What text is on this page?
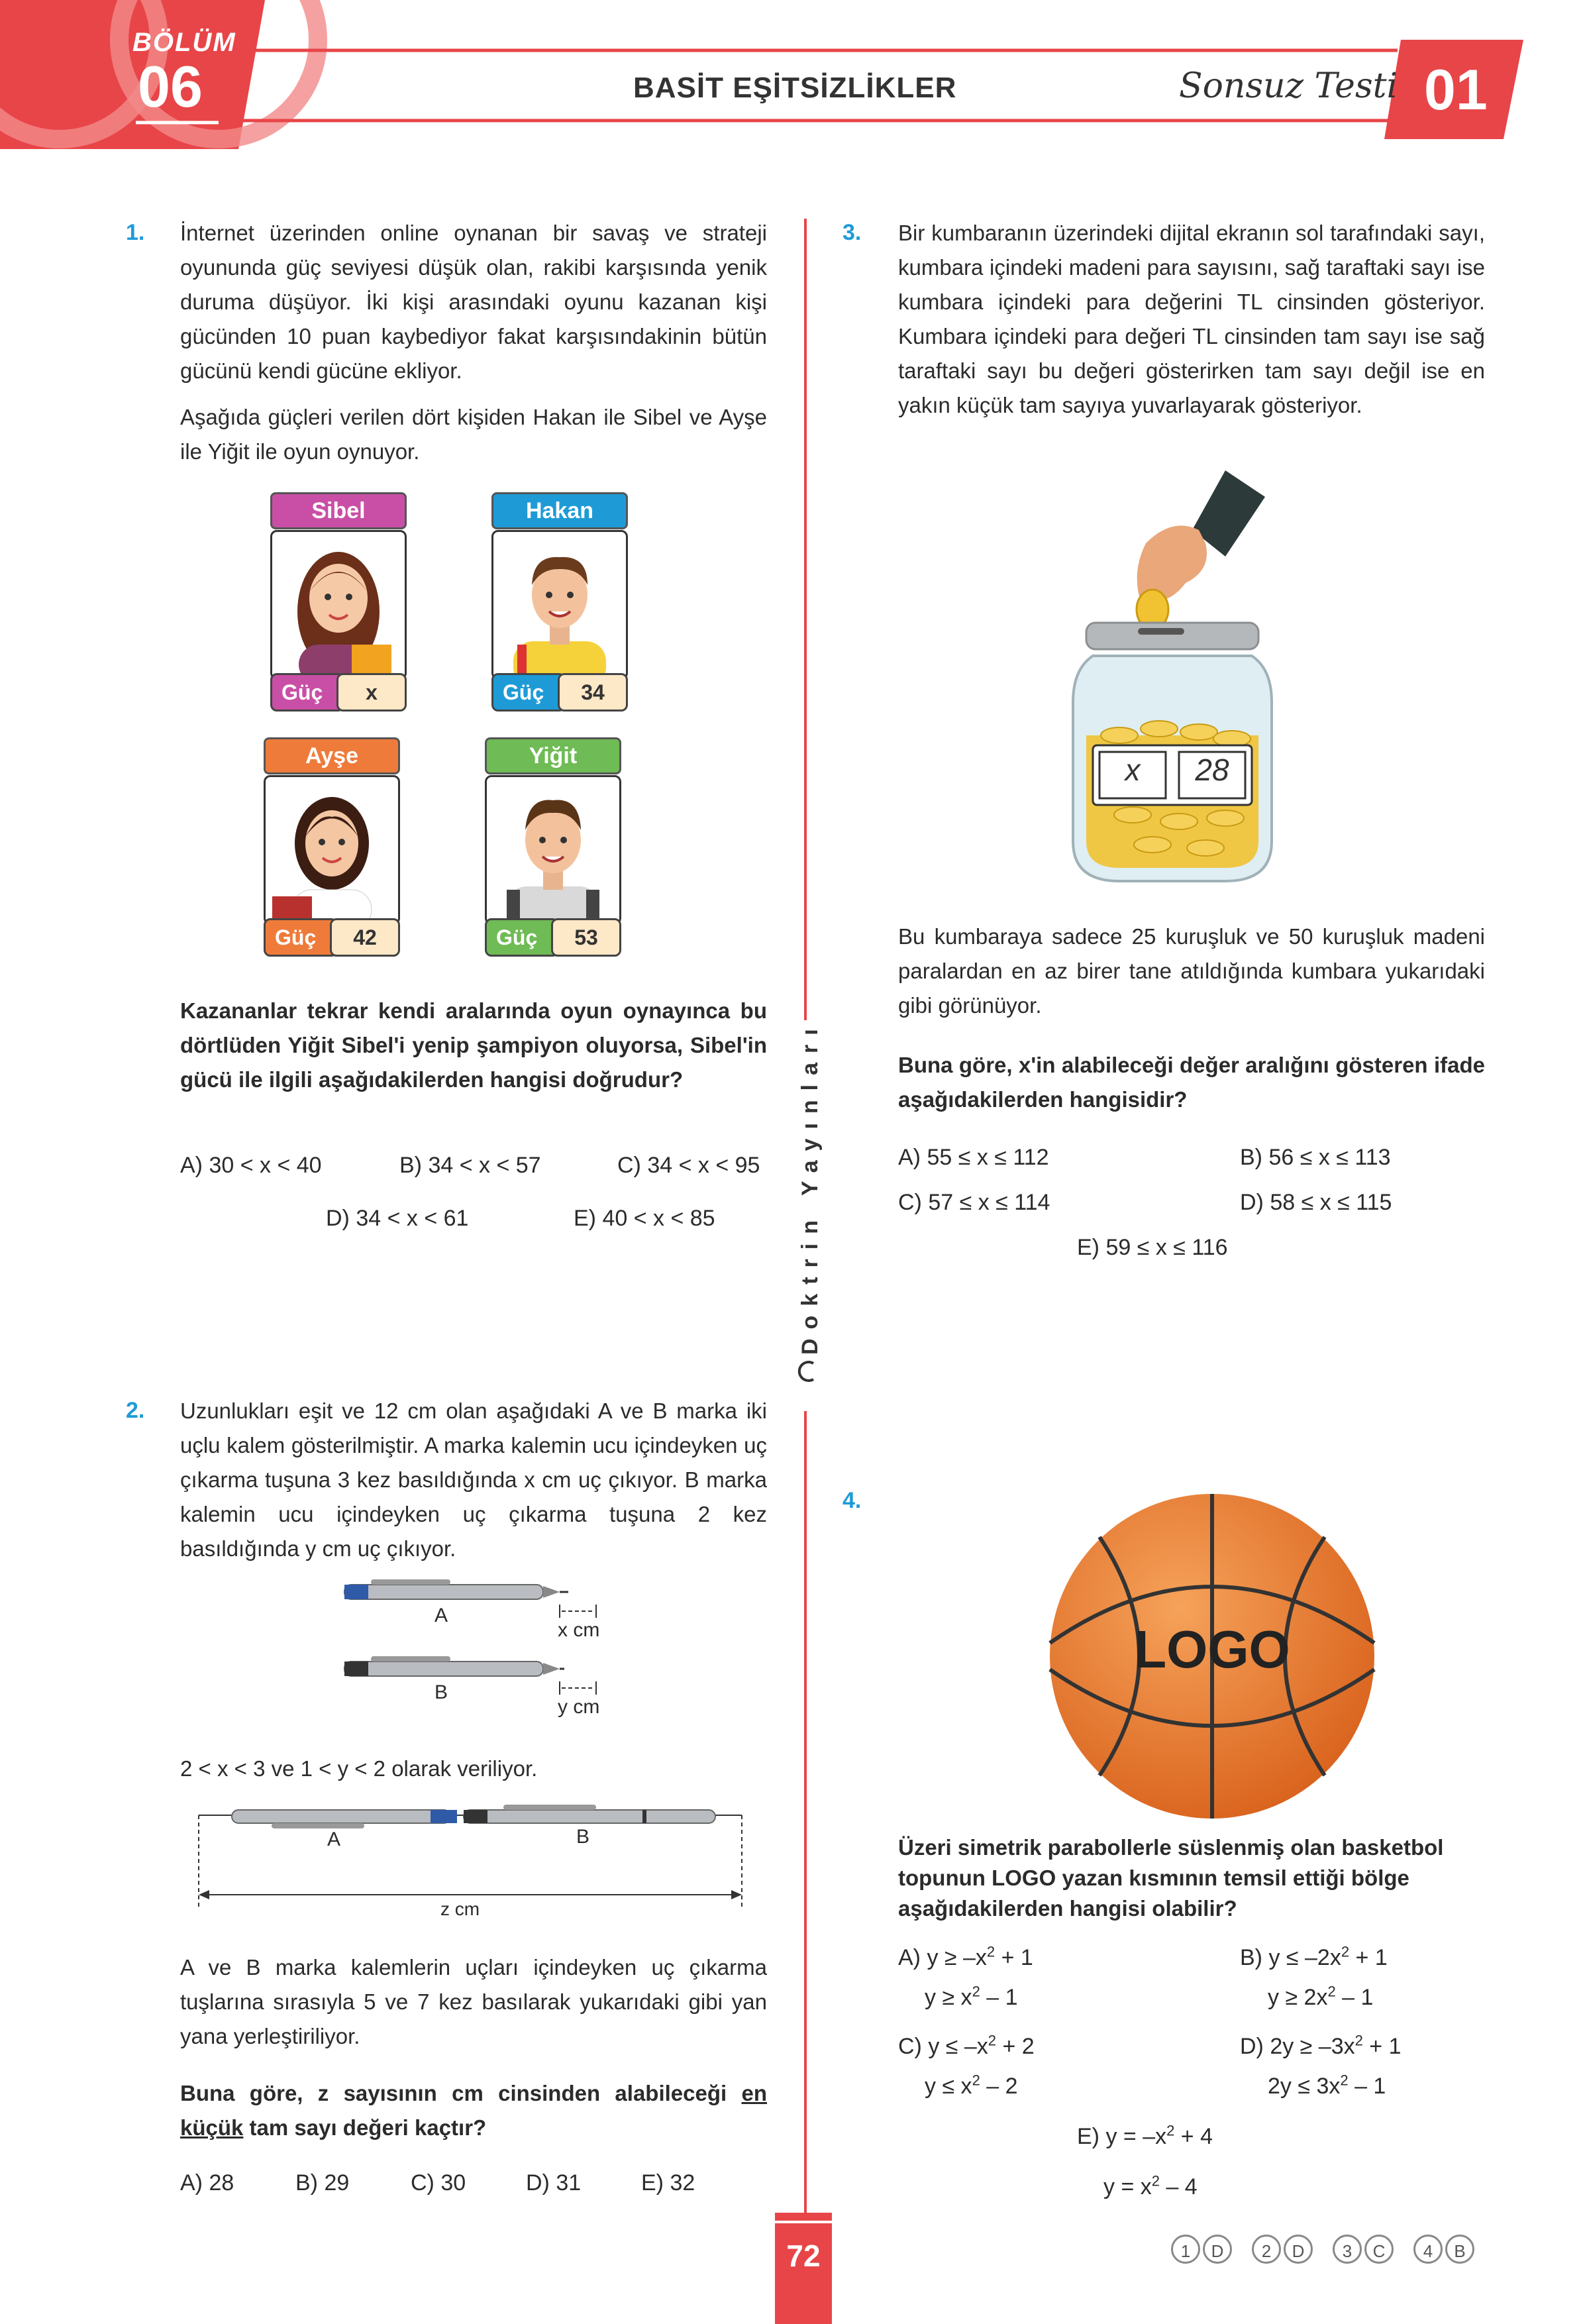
BÖLÜM
06	BASİT EŞİTSİZLİKLER	Sonsuz Testi 01
Doktrin Yayınları
1. İnternet üzerinden online oynanan bir savaş ve strateji oyununda güç seviyesi düşük olan, rakibi karşısında yenik duruma düşüyor. İki kişi arasındaki oyunu kazanan kişi gücünden 10 puan kaybediyor fakat karşısındakinin bütün gücünü kendi gücüne ekliyor.
Aşağıda güçleri verilen dört kişiden Hakan ile Sibel ve Ayşe ile Yiğit ile oyun oynuyor.
Sibel
Güç	x
Hakan
Güç	34
Ayşe
Güç	42
Yiğit
Güç	53
Kazananlar tekrar kendi aralarında oyun oynayınca bu dörtlüden Yiğit Sibel'i yenip şampiyon oluyorsa, Sibel'in gücü ile ilgili aşağıdakilerden hangisi doğrudur?
A) 30 < x < 40	B) 34 < x < 57	C) 34 < x < 95
D) 34 < x < 61	E) 40 < x < 85
2. Uzunlukları eşit ve 12 cm olan aşağıdaki A ve B marka iki uçlu kalem gösterilmiştir. A marka kalemin ucu içindeyken uç çıkarma tuşuna 3 kez basıldığında x cm uç çıkıyor. B marka kalemin ucu içindeyken uç çıkarma tuşuna 2 kez basıldığında y cm uç çıkıyor.
A
x cm
B
y cm
2 < x < 3 ve 1 < y < 2 olarak veriliyor.
A	B
z cm
A ve B marka kalemlerin uçları içindeyken uç çıkarma tuşlarına sırasıyla 5 ve 7 kez basılarak yukarıdaki gibi yan yana yerleştiriliyor.
Buna göre, z sayısının cm cinsinden alabileceği en küçük tam sayı değeri kaçtır?
A) 28	B) 29	C) 30	D) 31	E) 32
3. Bir kumbaranın üzerindeki dijital ekranın sol tarafındaki sayı, kumbara içindeki madeni para sayısını, sağ taraftaki sayı ise kumbara içindeki para değerini TL cinsinden gösteriyor. Kumbara içindeki para değeri TL cinsinden tam sayı ise sağ taraftaki sayı bu değeri gösterirken tam sayı değil ise en yakın küçük tam sayıya yuvarlayarak gösteriyor.
x	28
Bu kumbaraya sadece 25 kuruşluk ve 50 kuruşluk madeni paralardan en az birer tane atıldığında kumbara yukarıdaki gibi görünüyor.
Buna göre, x'in alabileceği değer aralığını gösteren ifade aşağıdakilerden hangisidir?
A) 55 ≤ x ≤ 112	B) 56 ≤ x ≤ 113
C) 57 ≤ x ≤ 114	D) 58 ≤ x ≤ 115
E) 59 ≤ x ≤ 116
4.
LOGO
Üzeri simetrik parabollerle süslenmiş olan basketbol topunun LOGO yazan kısmının temsil ettiği bölge aşağıdakilerden hangisi olabilir?
A) $y \ge -x^2 + 1$
$y \ge x^2 - 1$
B) $y \le -2x^2 + 1$
$y \ge 2x^2 - 1$
C) $y \le -x^2 + 2$
$y \le x^2 - 2$
D) $2y \ge -3x^2 + 1$
$2y \le 3x^2 - 1$
E) $y = -x^2 + 4$
$y = x^2 - 4$
72	1	D	2	D	3	C	4	B
